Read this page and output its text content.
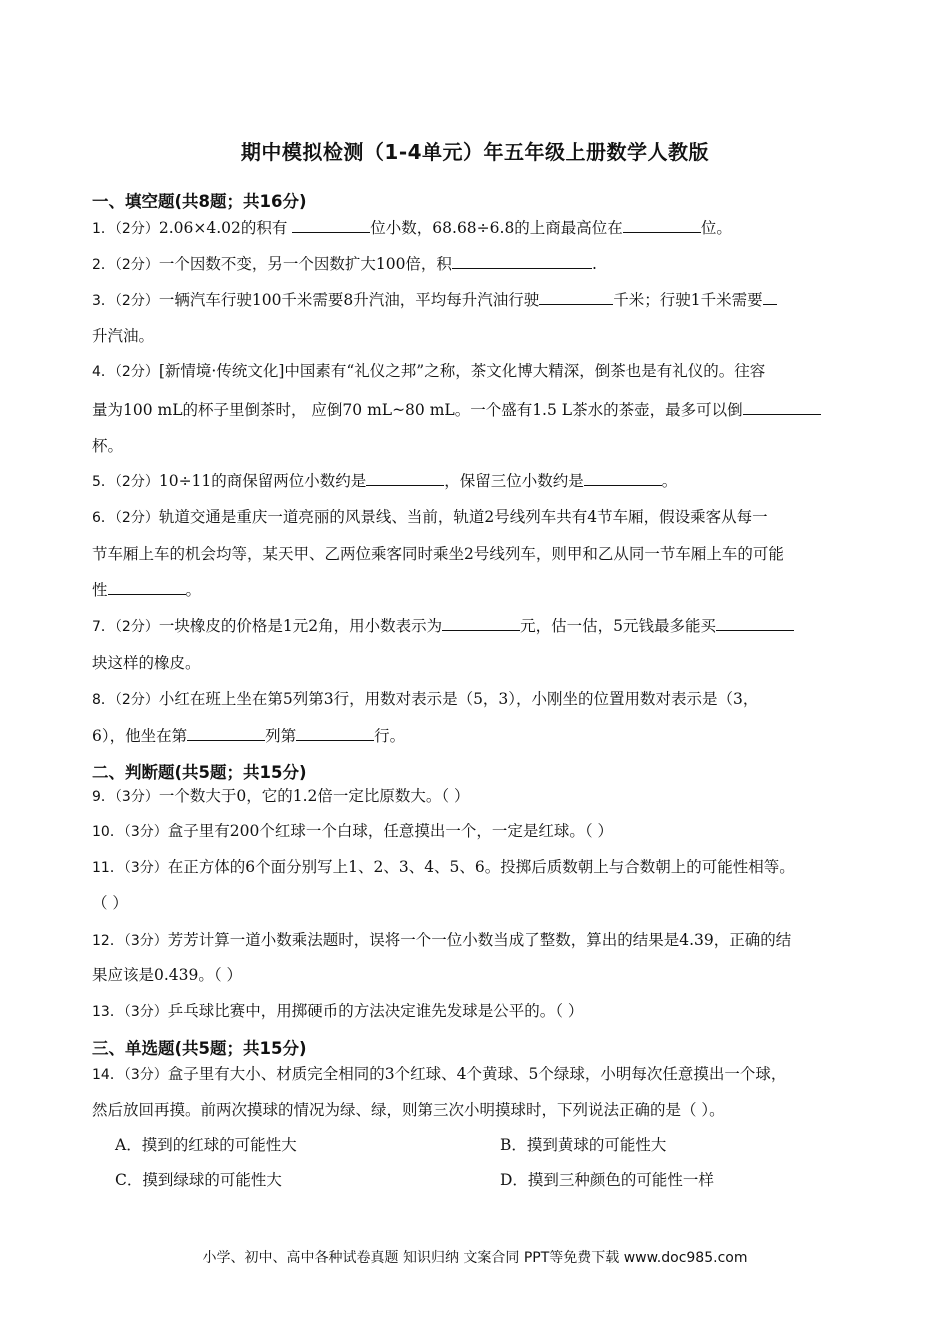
期中模拟检测（1-4单元）年五年级上册数学人教版
一、填空题(共8题；共16分)
1．（2分）2.06×4.02的积有	位小数，68.68÷6.8的上商最高位在	位。
2．（2分）一个因数不变，另一个因数扩大100倍，积	.
3．（2分）一辆汽车行驶100千米需要8升汽油，平均每升汽油行驶	千米；行驶1千米需要
升汽油。
4．（2分）[新情境·传统文化]中国素有“礼仪之邦”之称，茶文化博大精深，倒茶也是有礼仪的。往容
量为100 mL的杯子里倒茶时， 应倒70 mL~80 mL。一个盛有1.5 L茶水的茶壶，最多可以倒
杯。
5．（2分）10÷11的商保留两位小数约是	，保留三位小数约是	。
6．（2分）轨道交通是重庆一道亮丽的风景线、当前，轨道2号线列车共有4节车厢，假设乘客从每一
节车厢上车的机会均等，某天甲、乙两位乘客同时乘坐2号线列车，则甲和乙从同一节车厢上车的可能
性	。
7．（2分）一块橡皮的价格是1元2角，用小数表示为	元，估一估，5元钱最多能买
块这样的橡皮。
8．（2分）小红在班上坐在第5列第3行，用数对表示是（5，3），小刚坐的位置用数对表示是（3，
6），他坐在第	列第	行。
二、判断题(共5题；共15分)
9．（3分）一个数大于0，它的1.2倍一定比原数大。（ ）
10．（3分）盒子里有200个红球一个白球，任意摸出一个，一定是红球。（ ）
11．（3分）在正方体的6个面分别写上1、2、3、4、5、6。投掷后质数朝上与合数朝上的可能性相等。
（ ）
12．（3分）芳芳计算一道小数乘法题时，误将一个一位小数当成了整数，算出的结果是4.39，正确的结
果应该是0.439。（ ）
13．（3分）乒乓球比赛中，用掷硬币的方法决定谁先发球是公平的。（ ）
三、单选题(共5题；共15分)
14．（3分）盒子里有大小、材质完全相同的3个红球、4个黄球、5个绿球，小明每次任意摸出一个球，
然后放回再摸。前两次摸球的情况为绿、绿，则第三次小明摸球时，下列说法正确的是（ ）。
A．摸到的红球的可能性大	B．摸到黄球的可能性大
C．摸到绿球的可能性大	D．摸到三种颜色的可能性一样
小学、初中、高中各种试卷真题 知识归纳 文案合同 PPT等免费下载 www.doc985.com
